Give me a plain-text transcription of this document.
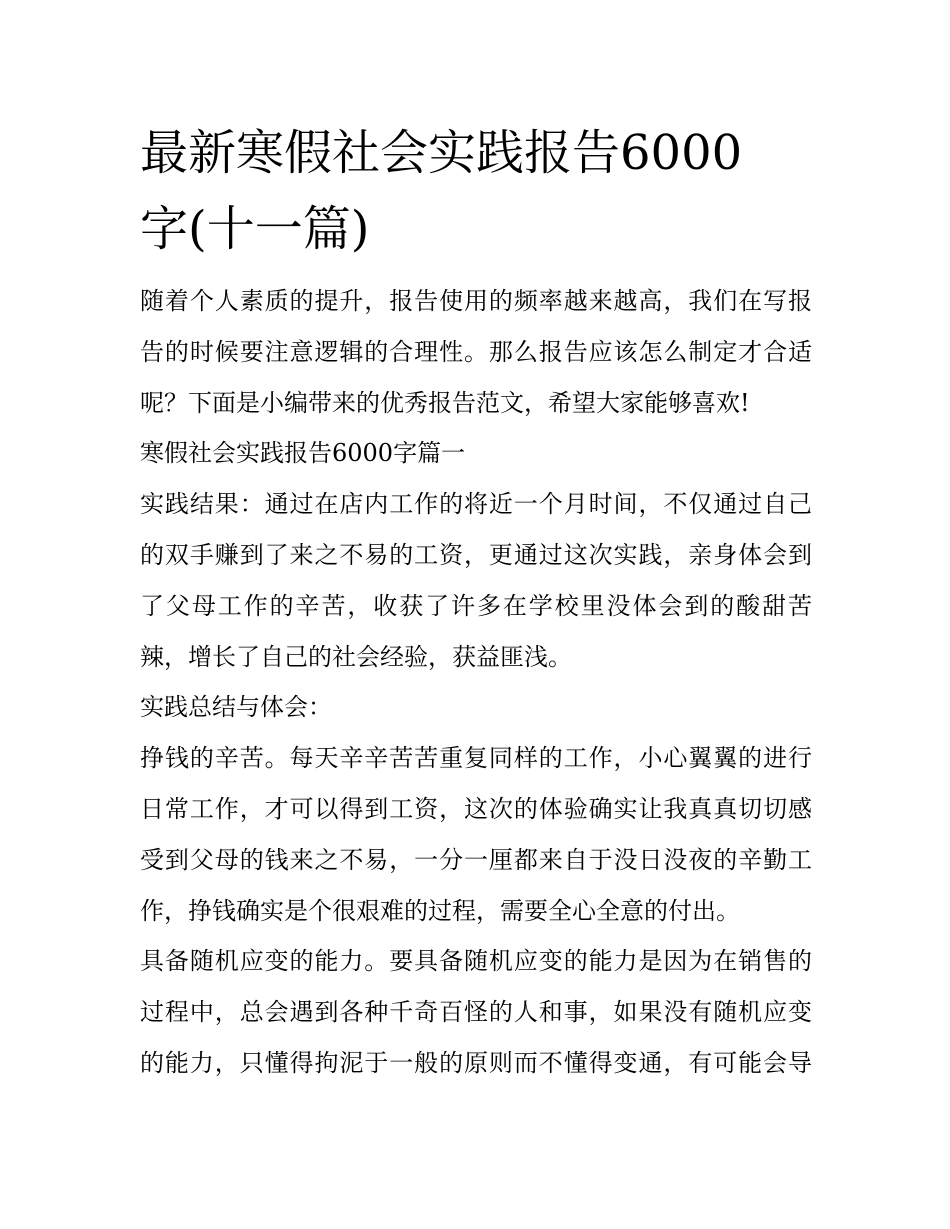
最新寒假社会实践报告6000
字(十一篇)

随着个人素质的提升，报告使用的频率越来越高，我们在写报
告的时候要注意逻辑的合理性。那么报告应该怎么制定才合适
呢？下面是小编带来的优秀报告范文，希望大家能够喜欢!

寒假社会实践报告6000字篇一

实践结果：通过在店内工作的将近一个月时间，不仅通过自己
的双手赚到了来之不易的工资，更通过这次实践，亲身体会到
了父母工作的辛苦，收获了许多在学校里没体会到的酸甜苦
辣，增长了自己的社会经验，获益匪浅。

实践总结与体会：

挣钱的辛苦。每天辛辛苦苦重复同样的工作，小心翼翼的进行
日常工作，才可以得到工资，这次的体验确实让我真真切切感
受到父母的钱来之不易，一分一厘都来自于没日没夜的辛勤工
作，挣钱确实是个很艰难的过程，需要全心全意的付出。

具备随机应变的能力。要具备随机应变的能力是因为在销售的
过程中，总会遇到各种千奇百怪的人和事，如果没有随机应变
的能力，只懂得拘泥于一般的原则而不懂得变通，有可能会导
